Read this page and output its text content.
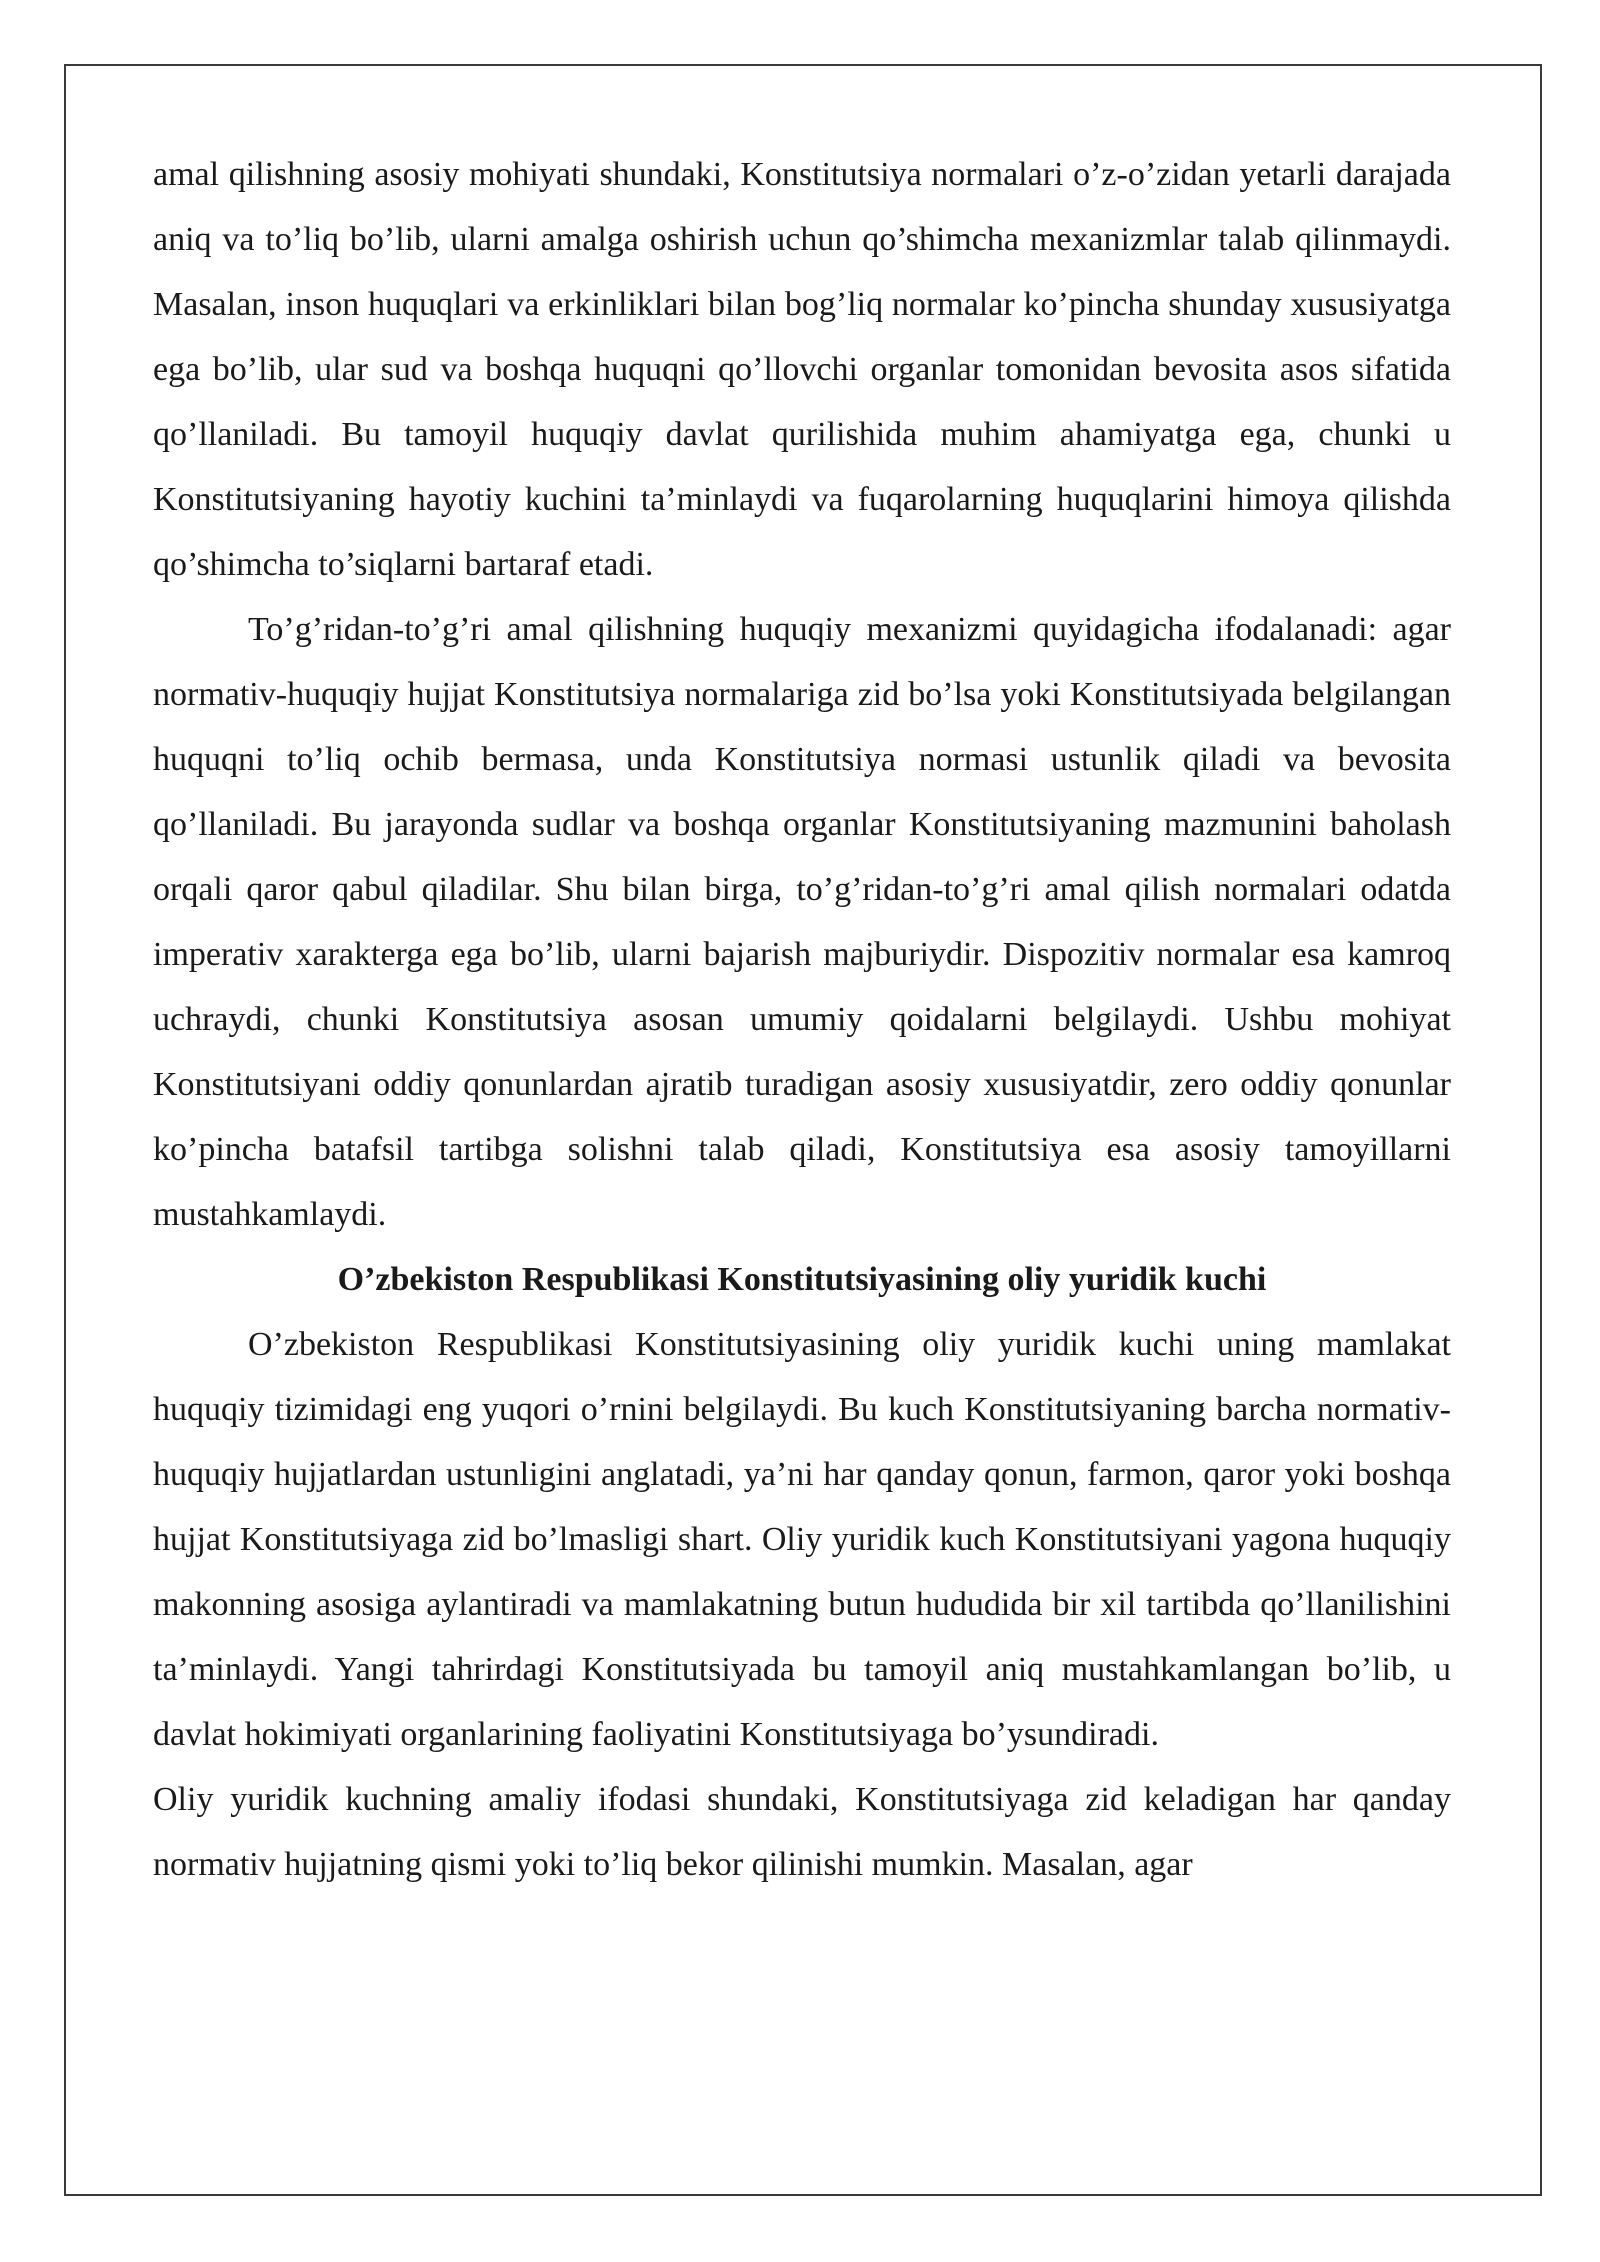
amal qilishning asosiy mohiyati shundaki, Konstitutsiya normalari o’z-o’zidan yetarli darajada aniq va to’liq bo’lib, ularni amalga oshirish uchun qo’shimcha mexanizmlar talab qilinmaydi. Masalan, inson huquqlari va erkinliklari bilan bog’liq normalar ko’pincha shunday xususiyatga ega bo’lib, ular sud va boshqa huquqni qo’llovchi organlar tomonidan bevosita asos sifatida qo’llaniladi. Bu tamoyil huquqiy davlat qurilishida muhim ahamiyatga ega, chunki u Konstitutsiyaning hayotiy kuchini ta’minlaydi va fuqarolarning huquqlarini himoya qilishda qo’shimcha to’siqlarni bartaraf etadi.

To’g’ridan-to’g’ri amal qilishning huquqiy mexanizmi quyidagicha ifodalanadi: agar normativ-huquqiy hujjat Konstitutsiya normalariga zid bo’lsa yoki Konstitutsiyada belgilangan huquqni to’liq ochib bermasa, unda Konstitutsiya normasi ustunlik qiladi va bevosita qo’llaniladi. Bu jarayonda sudlar va boshqa organlar Konstitutsiyaning mazmunini baholash orqali qaror qabul qiladilar. Shu bilan birga, to’g’ridan-to’g’ri amal qilish normalari odatda imperativ xarakterga ega bo’lib, ularni bajarish majburiydir. Dispozitiv normalar esa kamroq uchraydi, chunki Konstitutsiya asosan umumiy qoidalarni belgilaydi. Ushbu mohiyat Konstitutsiyani oddiy qonunlardan ajratib turadigan asosiy xususiyatdir, zero oddiy qonunlar ko’pincha batafsil tartibga solishni talab qiladi, Konstitutsiya esa asosiy tamoyillarni mustahkamlaydi.

O’zbekiston Respublikasi Konstitutsiyasining oliy yuridik kuchi

O’zbekiston Respublikasi Konstitutsiyasining oliy yuridik kuchi uning mamlakat huquqiy tizimidagi eng yuqori o’rnini belgilaydi. Bu kuch Konstitutsiyaning barcha normativ-huquqiy hujjatlardan ustunligini anglatadi, ya’ni har qanday qonun, farmon, qaror yoki boshqa hujjat Konstitutsiyaga zid bo’lmasligi shart. Oliy yuridik kuch Konstitutsiyani yagona huquqiy makonning asosiga aylantiradi va mamlakatning butun hududida bir xil tartibda qo’llanilishini ta’minlaydi. Yangi tahrirdagi Konstitutsiyada bu tamoyil aniq mustahkamlangan bo’lib, u davlat hokimiyati organlarining faoliyatini Konstitutsiyaga bo’ysundiradi.

Oliy yuridik kuchning amaliy ifodasi shundaki, Konstitutsiyaga zid keladigan har qanday normativ hujjatning qismi yoki to’liq bekor qilinishi mumkin. Masalan, agar
